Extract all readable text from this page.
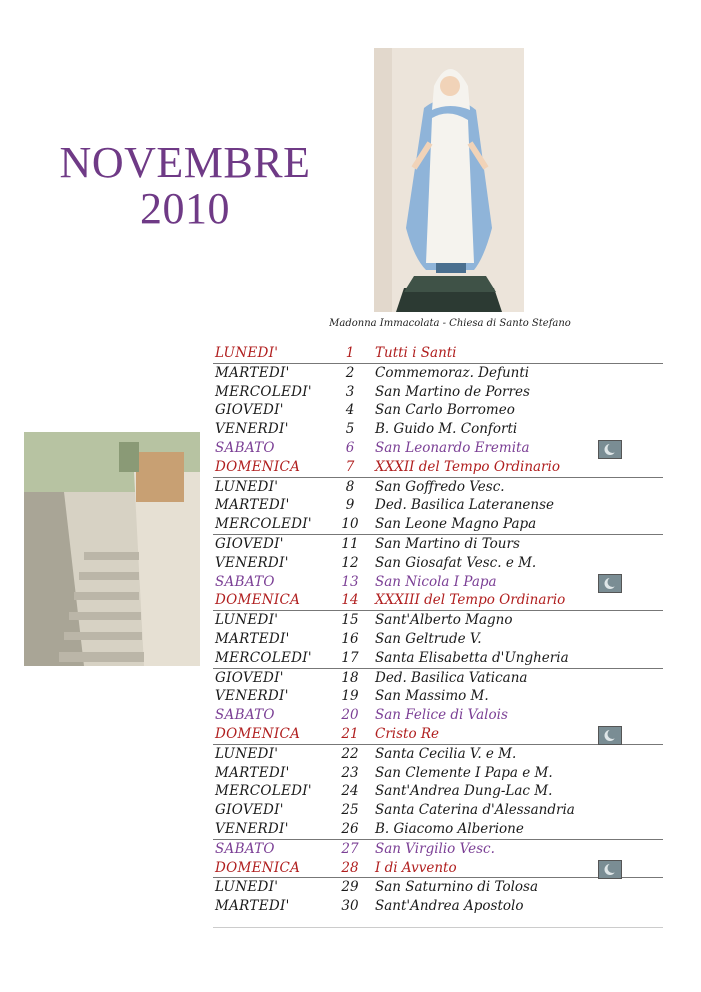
NOVEMBRE
2010
Madonna Immacolata - Chiesa di Santo Stefano
LUNEDI'	1	Tutti i Santi
MARTEDI'	2	Commemoraz. Defunti
MERCOLEDI'	3	San Martino de Porres
GIOVEDI'	4	San Carlo Borromeo
VENERDI'	5	B. Guido M. Conforti
SABATO	6	San Leonardo Eremita
DOMENICA	7	XXXII del Tempo Ordinario
LUNEDI'	8	San Goffredo Vesc.
MARTEDI'	9	Ded. Basilica Lateranense
MERCOLEDI'	10	San Leone Magno Papa
GIOVEDI'	11	San Martino di Tours
VENERDI'	12	San Giosafat Vesc. e M.
SABATO	13	San Nicola I Papa
DOMENICA	14	XXXIII del Tempo Ordinario
LUNEDI'	15	Sant'Alberto Magno
MARTEDI'	16	San Geltrude V.
MERCOLEDI'	17	Santa Elisabetta d'Ungheria
GIOVEDI'	18	Ded. Basilica Vaticana
VENERDI'	19	San Massimo M.
SABATO	20	San Felice di Valois
DOMENICA	21	Cristo Re
LUNEDI'	22	Santa Cecilia V. e M.
MARTEDI'	23	San Clemente I Papa e M.
MERCOLEDI'	24	Sant'Andrea Dung-Lac M.
GIOVEDI'	25	Santa Caterina d'Alessandria
VENERDI'	26	B. Giacomo Alberione
SABATO	27	San Virgilio Vesc.
DOMENICA	28	I di Avvento
LUNEDI'	29	San Saturnino di Tolosa
MARTEDI'	30	Sant'Andrea Apostolo
